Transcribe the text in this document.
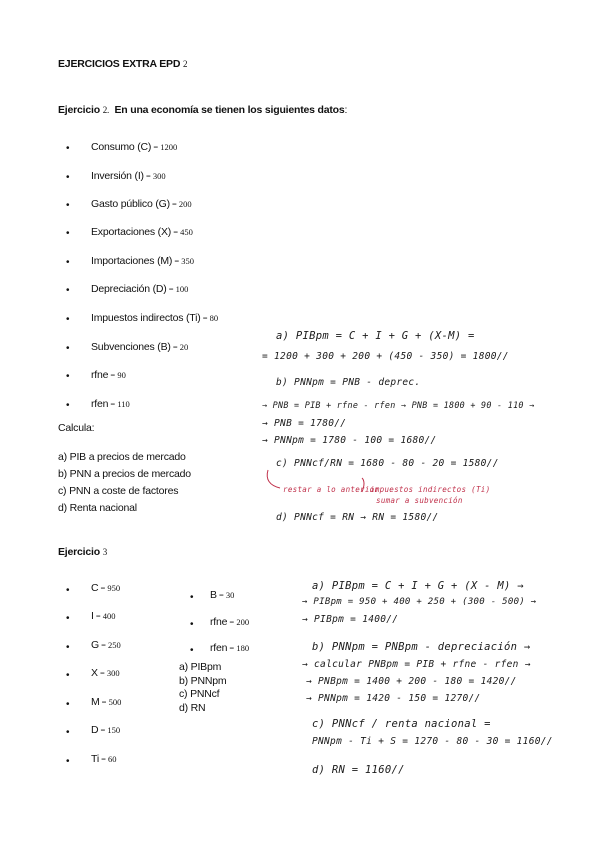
EJERCICIOS EXTRA EPD 2
Ejercicio 2. En una economía se tienen los siguientes datos:
• Consumo (C) = 1200
• Inversión (I) = 300
• Gasto público (G) = 200
• Exportaciones (X) = 450
• Importaciones (M) = 350
• Depreciación (D) = 100
• Impuestos indirectos (Ti) = 80
• Subvenciones (B) = 20
• rfne = 90
• rfen = 110
Calcula:
a) PIB a precios de mercado
b) PNN a precios de mercado
c) PNN a coste de factores
d) Renta nacional
a) PIBpm = C + I + G + (X-M) =
= 1200 + 300 + 200 + (450 - 350) = 1800//
b) PNNpm = PNB - deprec.
→ PNB = PIB + rfne - rfen → PNB = 1800 + 90 - 110 →
→ PNB = 1780//
→ PNNpm = 1780 - 100 = 1680//
c) PNNcf/RN = 1680 - 80 - 20 = 1580//
restar a lo anterior
impuestos indirectos (Ti)
sumar a subvención
d) PNNcf = RN → RN = 1580//
Ejercicio 3
• C = 950
• I = 400
• G = 250
• X = 300
• M = 500
• D = 150
• Ti = 60
• B = 30
• rfne = 200
• rfen = 180
a) PIBpm
b) PNNpm
c) PNNcf
d) RN
a) PIBpm = C + I + G + (X - M) →
→ PIBpm = 950 + 400 + 250 + (300 - 500) →
→ PIBpm = 1400//
b) PNNpm = PNBpm - depreciación →
→ calcular PNBpm = PIB + rfne - rfen →
→ PNBpm = 1400 + 200 - 180 = 1420//
→ PNNpm = 1420 - 150 = 1270//
c) PNNcf / renta nacional =
PNNpm - Ti + S = 1270 - 80 - 30 = 1160//
d) RN = 1160//
